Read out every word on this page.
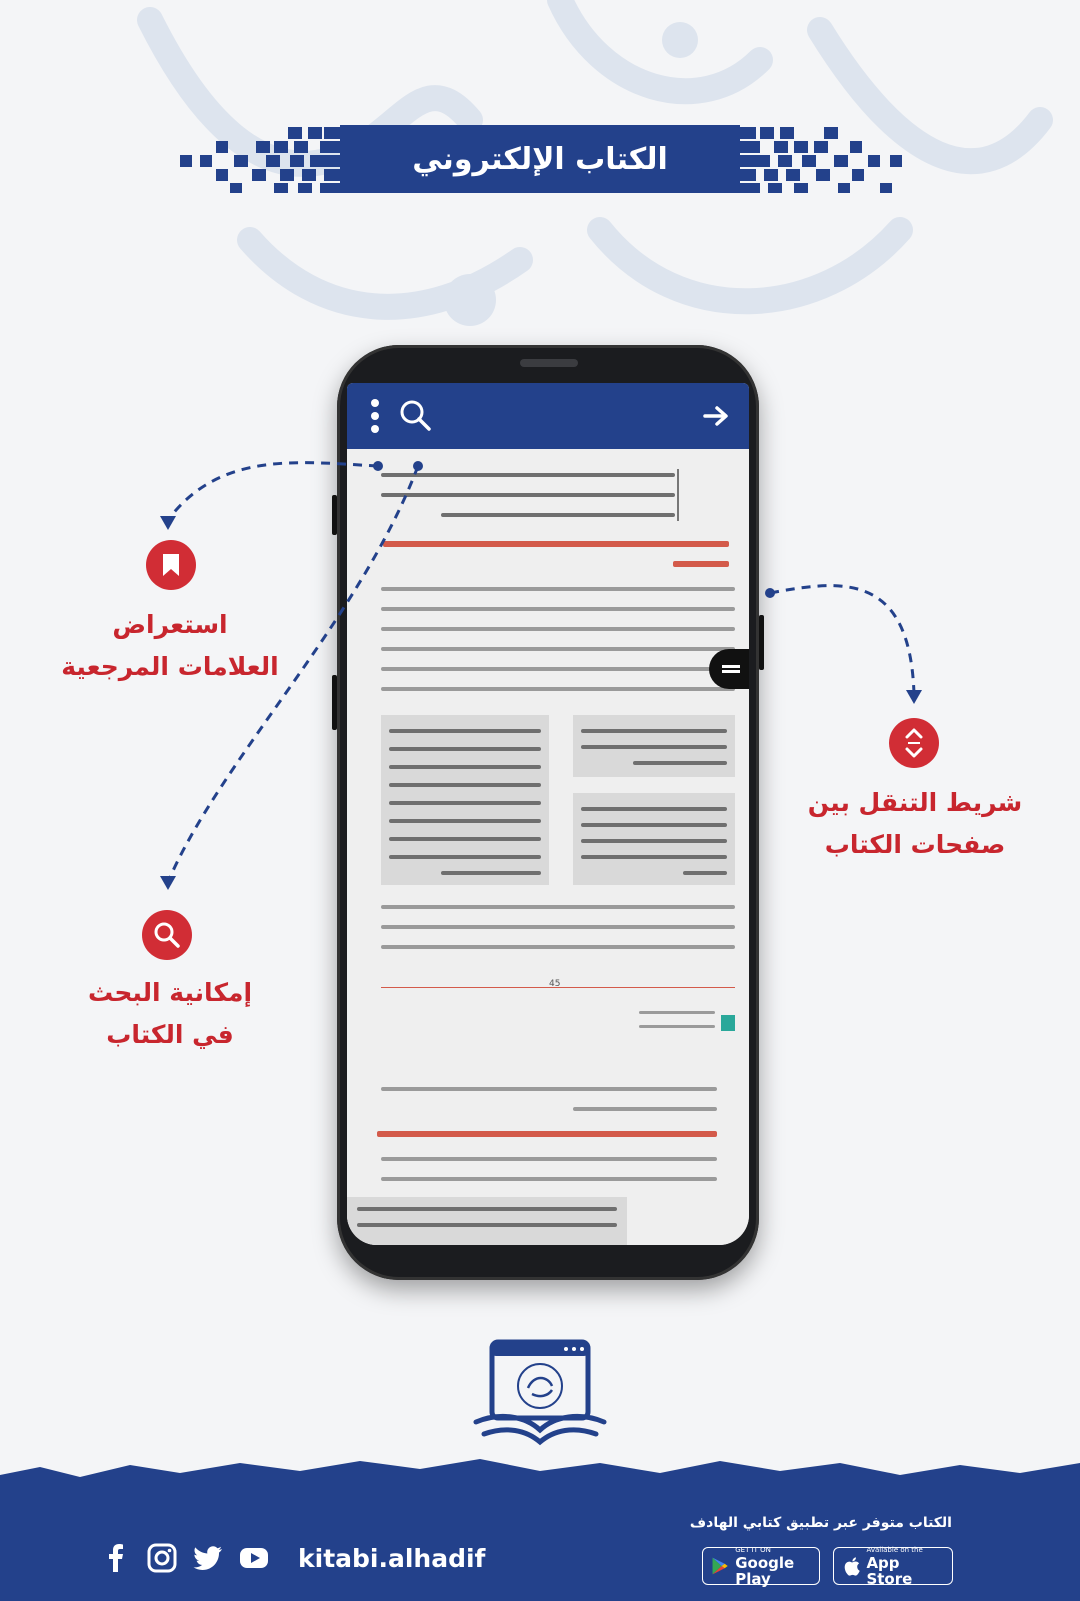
الكتاب الإلكتروني
45
استعراض
العلامات المرجعية
شريط التنقل بين
صفحات الكتاب
إمكانية البحث
في الكتاب
kitabi.alhadif
الكتاب متوفر عبر تطبيق كتابي الهادف
GET IT ON
Google Play
Available on the
App Store
